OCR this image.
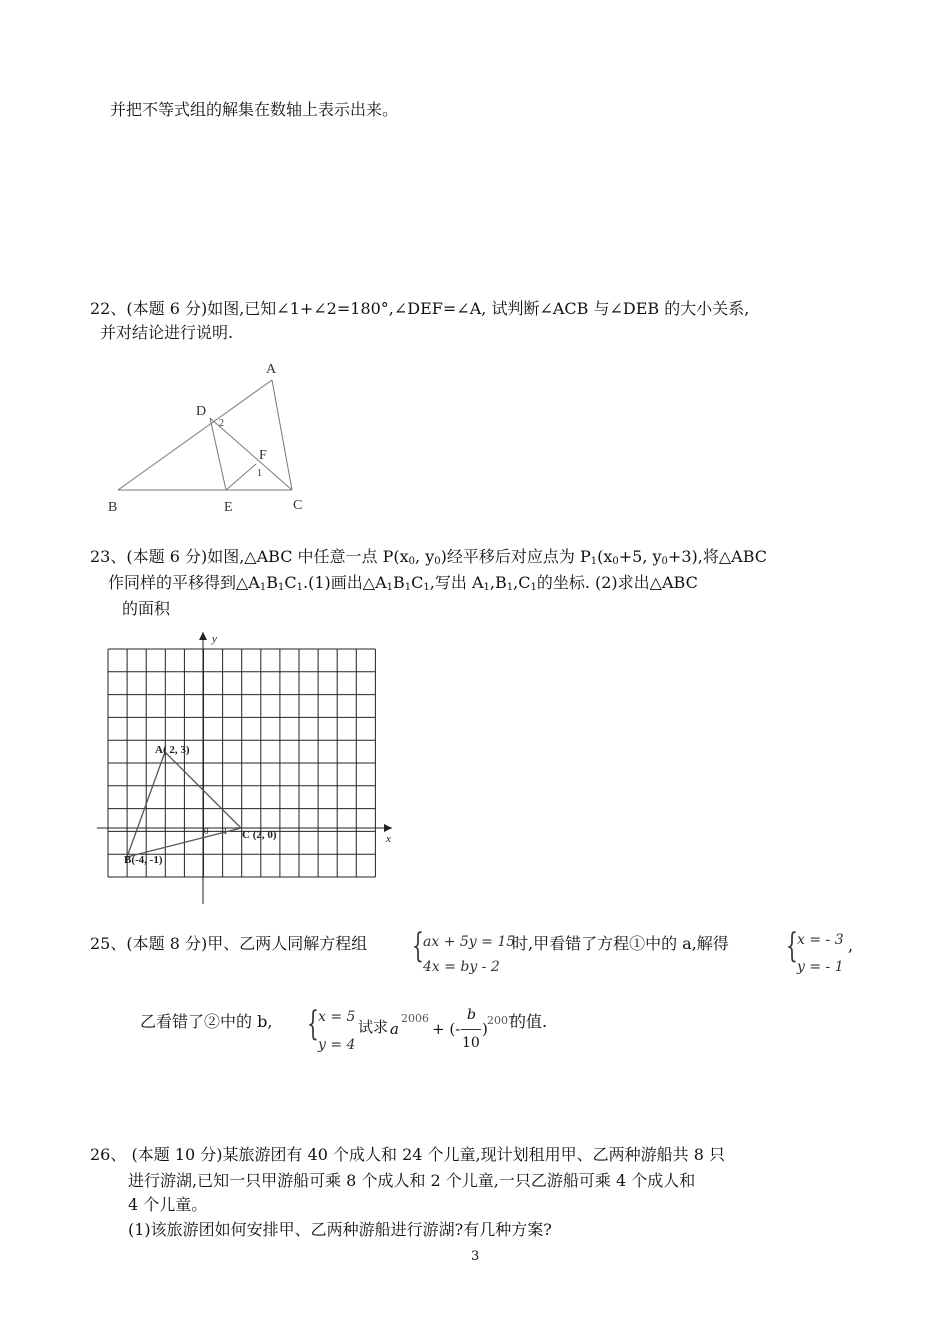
并把不等式组的解集在数轴上表示出来。
22、(本题 6 分)如图,已知∠1+∠2=180°,∠DEF=∠A, 试判断∠ACB 与∠DEB 的大小关系,
并对结论进行说明.
A
D
2
F
1
B	E	C
23、(本题 6 分)如图,△ABC 中任意一点 $P(x_0$, $y_0$)经平移后对应点为 $P_1(x_0+5$, $y_0+3$),将△ABC
作同样的平移得到$\triangle A_1B_1C_1.(1)$画出$\triangle A_1B_1C_1$,写出 $A_1,B_1,C_1$的坐标. (2)求出△ABC
的面积
y
x
0 1
A( 2, 3)
B(-4, -1)
C (2, 0)
25、(本题 8 分)甲、乙两人同解方程组 { ax + 5y = 15
4x = by - 2
时,甲看错了方程①中的 a,解得 { x = - 3
y = - 1
,
乙看错了②中的 b, { x = 5
y = 4
试求 a
2006
+ (-
b
10
) 2007
的值.
26、 (本题 10 分)某旅游团有 40 个成人和 24 个儿童,现计划租用甲、乙两种游船共 8 只
进行游湖,已知一只甲游船可乘 8 个成人和 2 个儿童,一只乙游船可乘 4 个成人和
4 个儿童。
(1)该旅游团如何安排甲、乙两种游船进行游湖?有几种方案?
3
